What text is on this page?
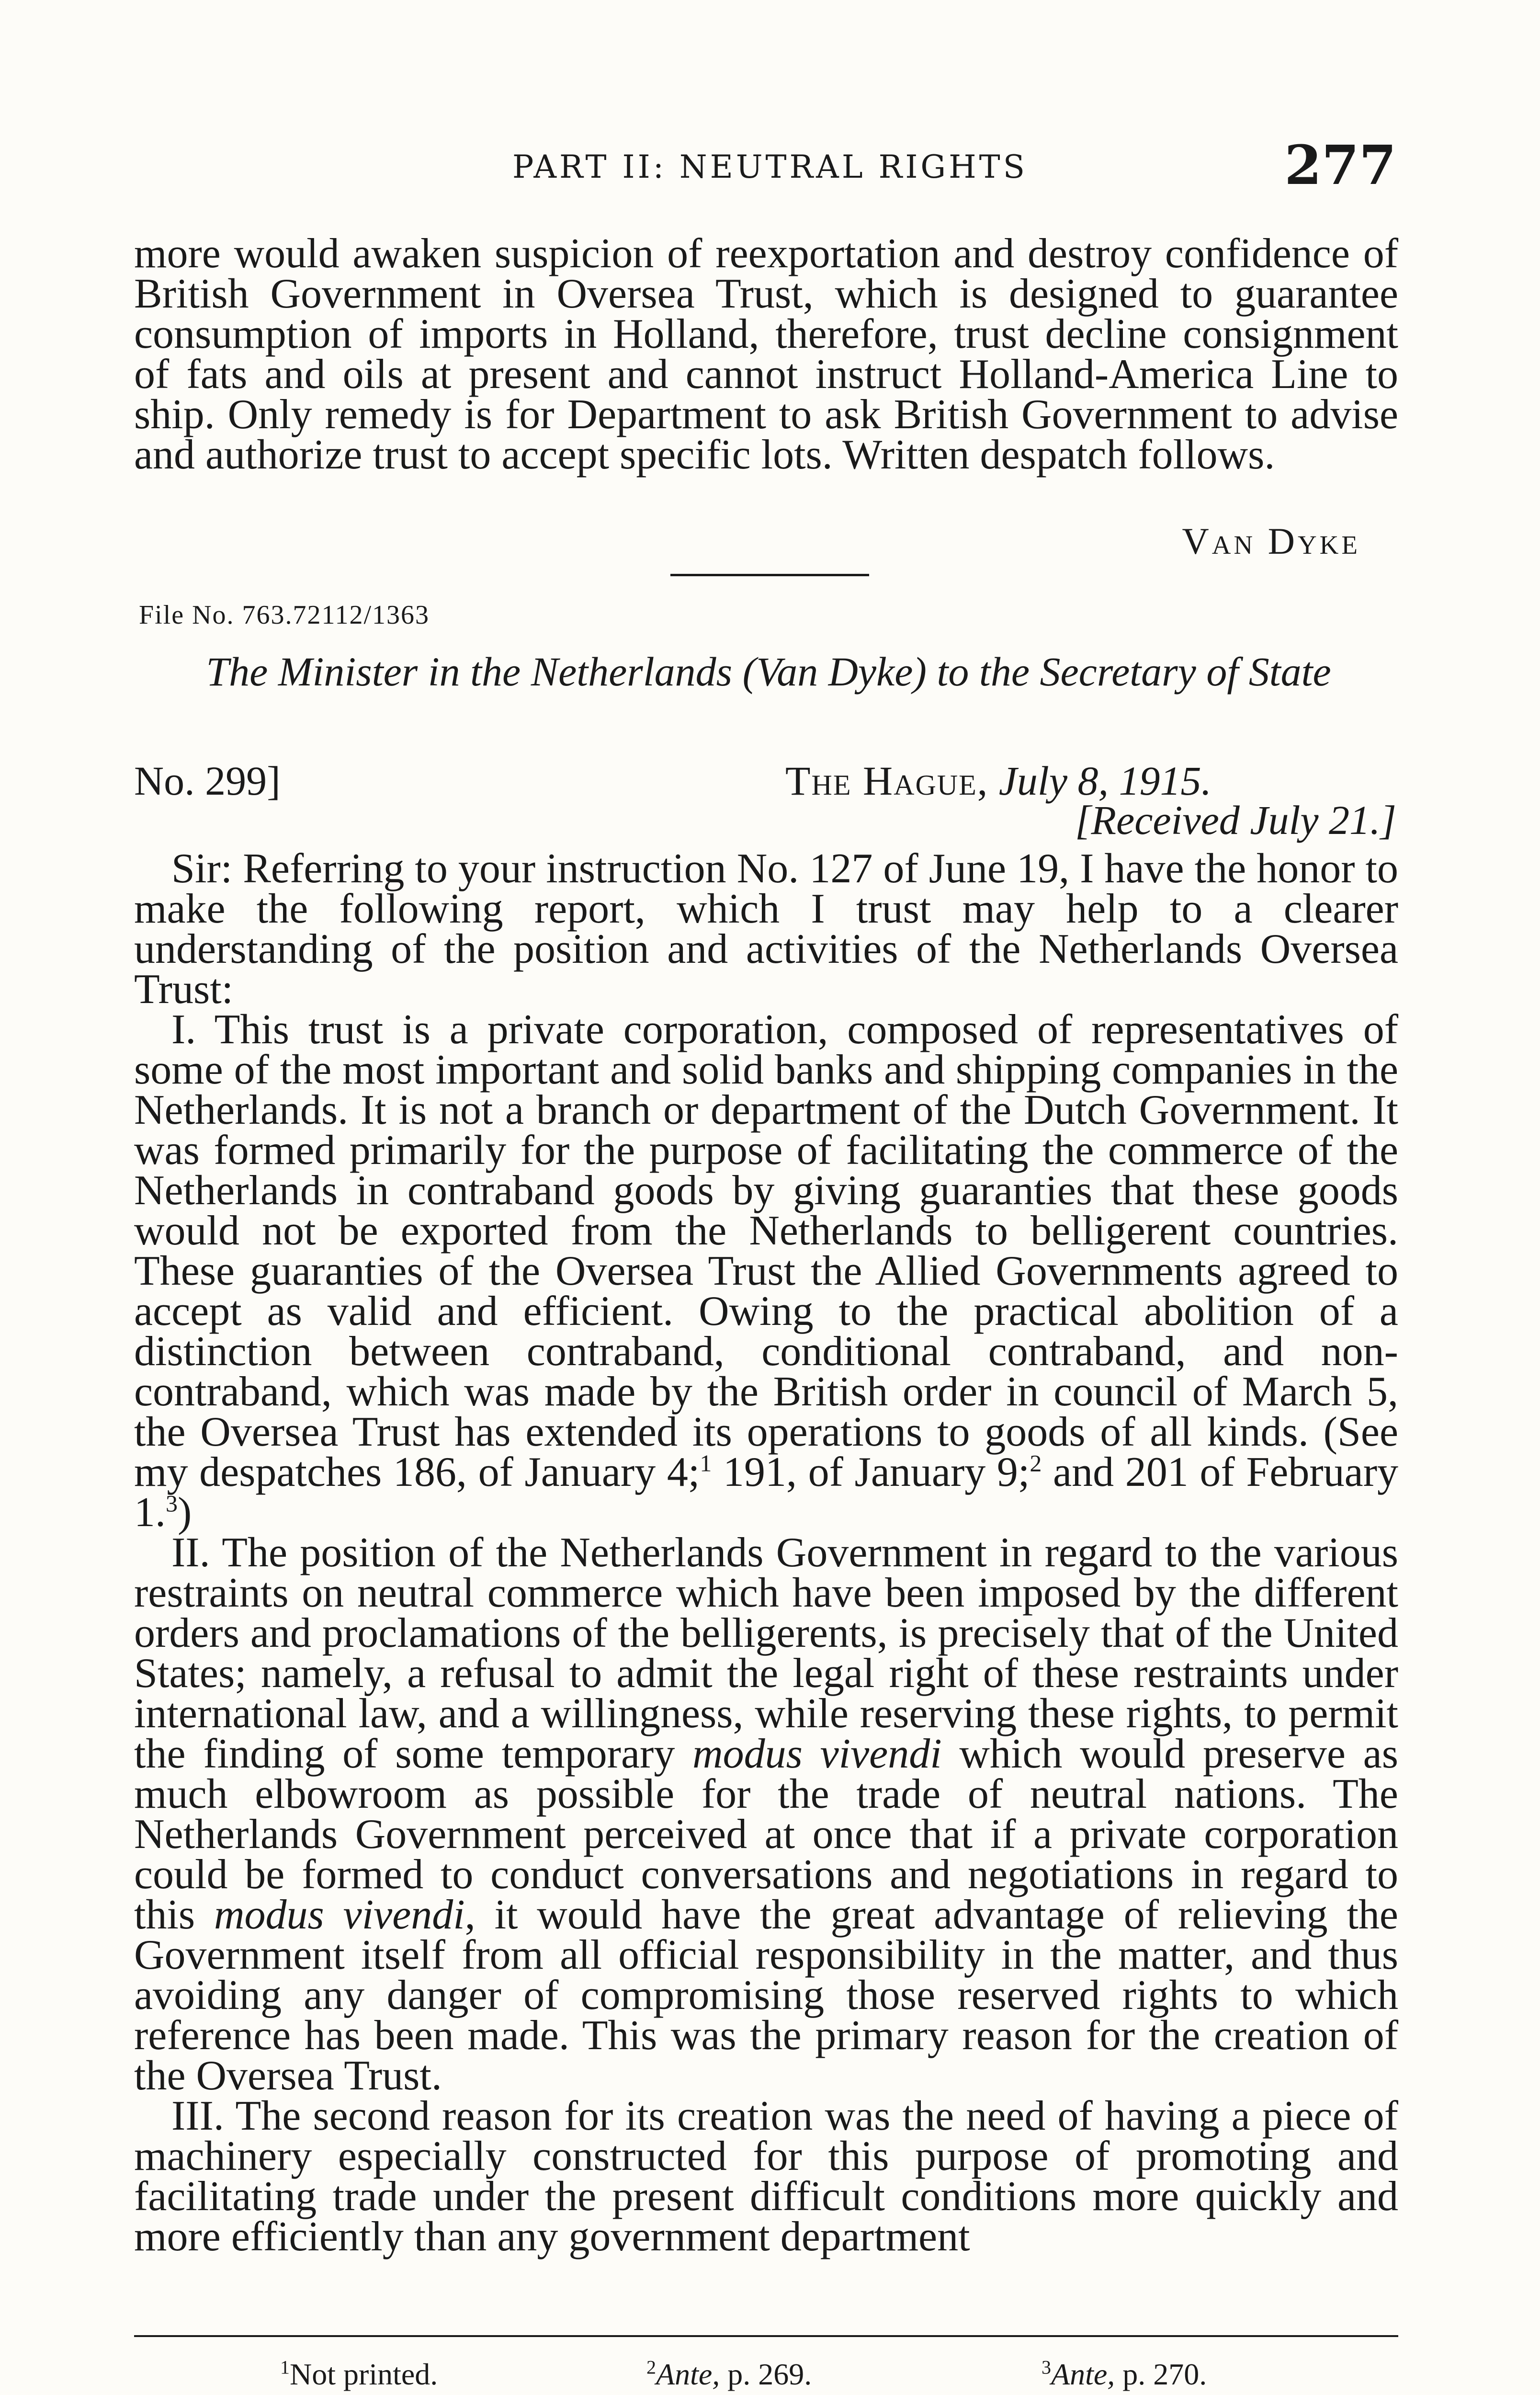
PART II: NEUTRAL RIGHTS	277

more would awaken suspicion of reexportation and destroy confidence of British Government in Oversea Trust, which is designed to guarantee consumption of imports in Holland, therefore, trust decline consignment of fats and oils at present and cannot instruct Holland-America Line to ship. Only remedy is for Department to ask British Government to advise and authorize trust to accept specific lots. Written despatch follows.

Van Dyke
File No. 763.72112/1363
The Minister in the Netherlands (Van Dyke) to the Secretary of State
No. 299]	The Hague, July 8, 1915.
[Received July 21.]

Sir: Referring to your instruction No. 127 of June 19, I have the honor to make the following report, which I trust may help to a clearer understanding of the position and activities of the Netherlands Oversea Trust:

I. This trust is a private corporation, composed of representatives of some of the most important and solid banks and shipping companies in the Netherlands. It is not a branch or department of the Dutch Government. It was formed primarily for the purpose of facilitating the commerce of the Netherlands in contraband goods by giving guaranties that these goods would not be exported from the Netherlands to belligerent countries. These guaranties of the Oversea Trust the Allied Governments agreed to accept as valid and efficient. Owing to the practical abolition of a distinction between contraband, conditional contraband, and non-contraband, which was made by the British order in council of March 5, the Oversea Trust has extended its operations to goods of all kinds. (See my despatches 186, of January 4;$^1$ 191, of January 9;$^2$ and 201 of February 1.$^3$)

II. The position of the Netherlands Government in regard to the various restraints on neutral commerce which have been imposed by the different orders and proclamations of the belligerents, is precisely that of the United States; namely, a refusal to admit the legal right of these restraints under international law, and a willingness, while reserving these rights, to permit the finding of some temporary modus vivendi which would preserve as much elbowroom as possible for the trade of neutral nations. The Netherlands Government perceived at once that if a private corporation could be formed to conduct conversations and negotiations in regard to this modus vivendi, it would have the great advantage of relieving the Government itself from all official responsibility in the matter, and thus avoiding any danger of compromising those reserved rights to which reference has been made. This was the primary reason for the creation of the Oversea Trust.

III. The second reason for its creation was the need of having a piece of machinery especially constructed for this purpose of promoting and facilitating trade under the present difficult conditions more quickly and more efficiently than any government department

$^1$Not printed.	$^2$Ante, p. 269.	$^3$Ante, p. 270.
